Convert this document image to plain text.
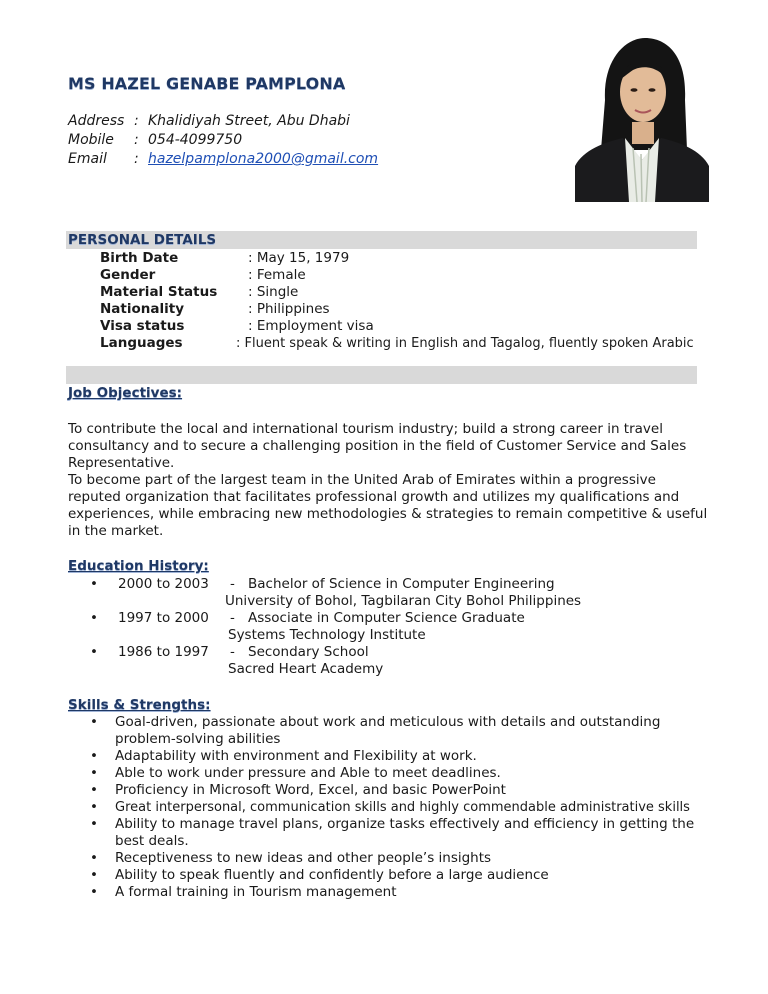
MS HAZEL GENABE PAMPLONA
Address : Khalidiyah Street, Abu Dhabi
Mobile	: 054-4099750
Email	: hazelpamplona2000@gmail.com
PERSONAL DETAILS
Birth Date	: May 15, 1979
Gender	: Female
Material Status	: Single
Nationality	: Philippines
Visa status	: Employment visa
Languages	: Fluent speak & writing in English and Tagalog, fluently spoken Arabic
Job Objectives:

To contribute the local and international tourism industry; build a strong career in travel consultancy and to secure a challenging position in the field of Customer Service and Sales Representative.

To become part of the largest team in the United Arab of Emirates within a progressive reputed organization that facilitates professional growth and utilizes my qualifications and experiences, while embracing new methodologies & strategies to remain competitive & useful in the market.

Education History:
•	2000 to 2003	- Bachelor of Science in Computer Engineering
University of Bohol, Tagbilaran City Bohol Philippines
•	1997 to 2000	- Associate in Computer Science Graduate
Systems Technology Institute
•	1986 to 1997	- Secondary School
Sacred Heart Academy
Skills & Strengths:
•	Goal-driven, passionate about work and meticulous with details and outstanding problem-solving abilities
•	Adaptability with environment and Flexibility at work.
•	Able to work under pressure and Able to meet deadlines.
•	Proficiency in Microsoft Word, Excel, and basic PowerPoint
•	Great interpersonal, communication skills and highly commendable administrative skills
•	Ability to manage travel plans, organize tasks effectively and efficiency in getting the best deals.
•	Receptiveness to new ideas and other people’s insights
•	Ability to speak fluently and confidently before a large audience
•	A formal training in Tourism management
